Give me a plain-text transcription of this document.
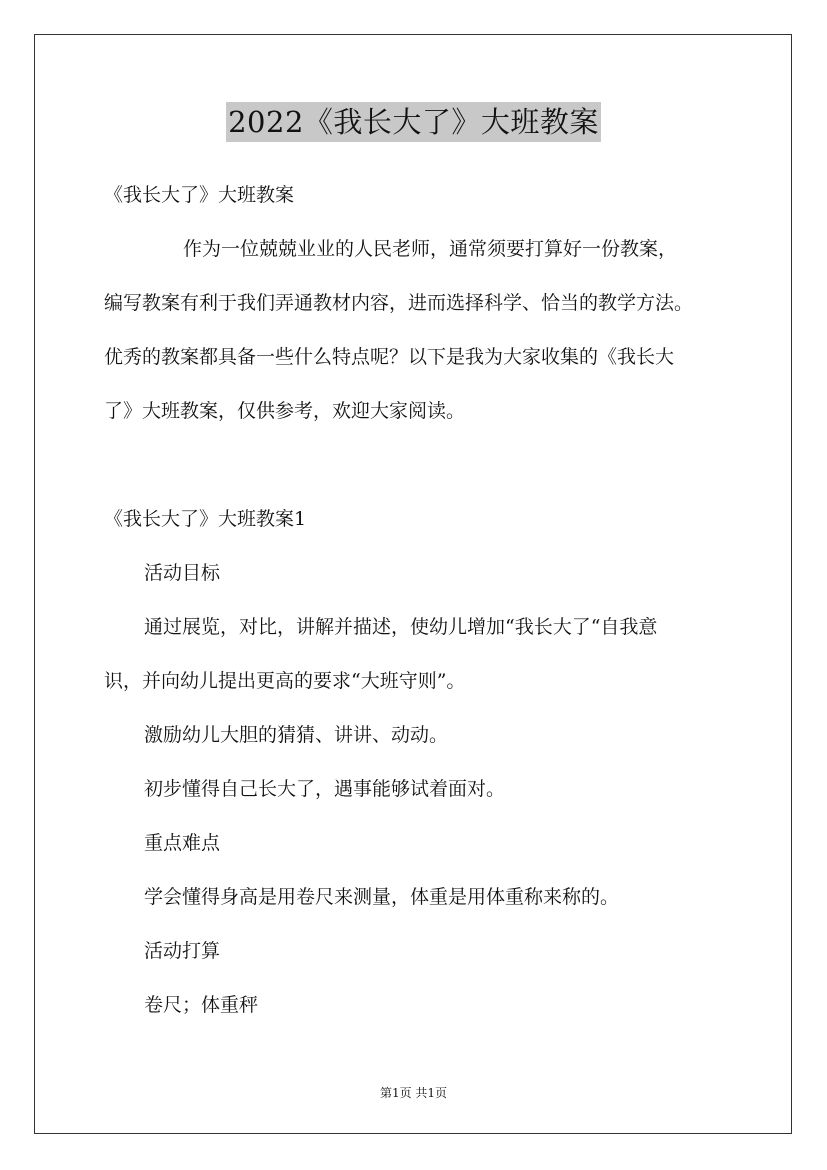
2022《我长大了》大班教案
《我长大了》大班教案
作为一位兢兢业业的人民老师，通常须要打算好一份教案，
编写教案有利于我们弄通教材内容，进而选择科学、恰当的教学方法。
优秀的教案都具备一些什么特点呢？以下是我为大家收集的《我长大
了》大班教案，仅供参考，欢迎大家阅读。
《我长大了》大班教案1
活动目标
通过展览，对比，讲解并描述，使幼儿增加“我长大了“自我意
识，并向幼儿提出更高的要求“大班守则”。
激励幼儿大胆的猜猜、讲讲、动动。
初步懂得自己长大了，遇事能够试着面对。
重点难点
学会懂得身高是用卷尺来测量，体重是用体重称来称的。
活动打算
卷尺；体重秤
第1页 共1页
